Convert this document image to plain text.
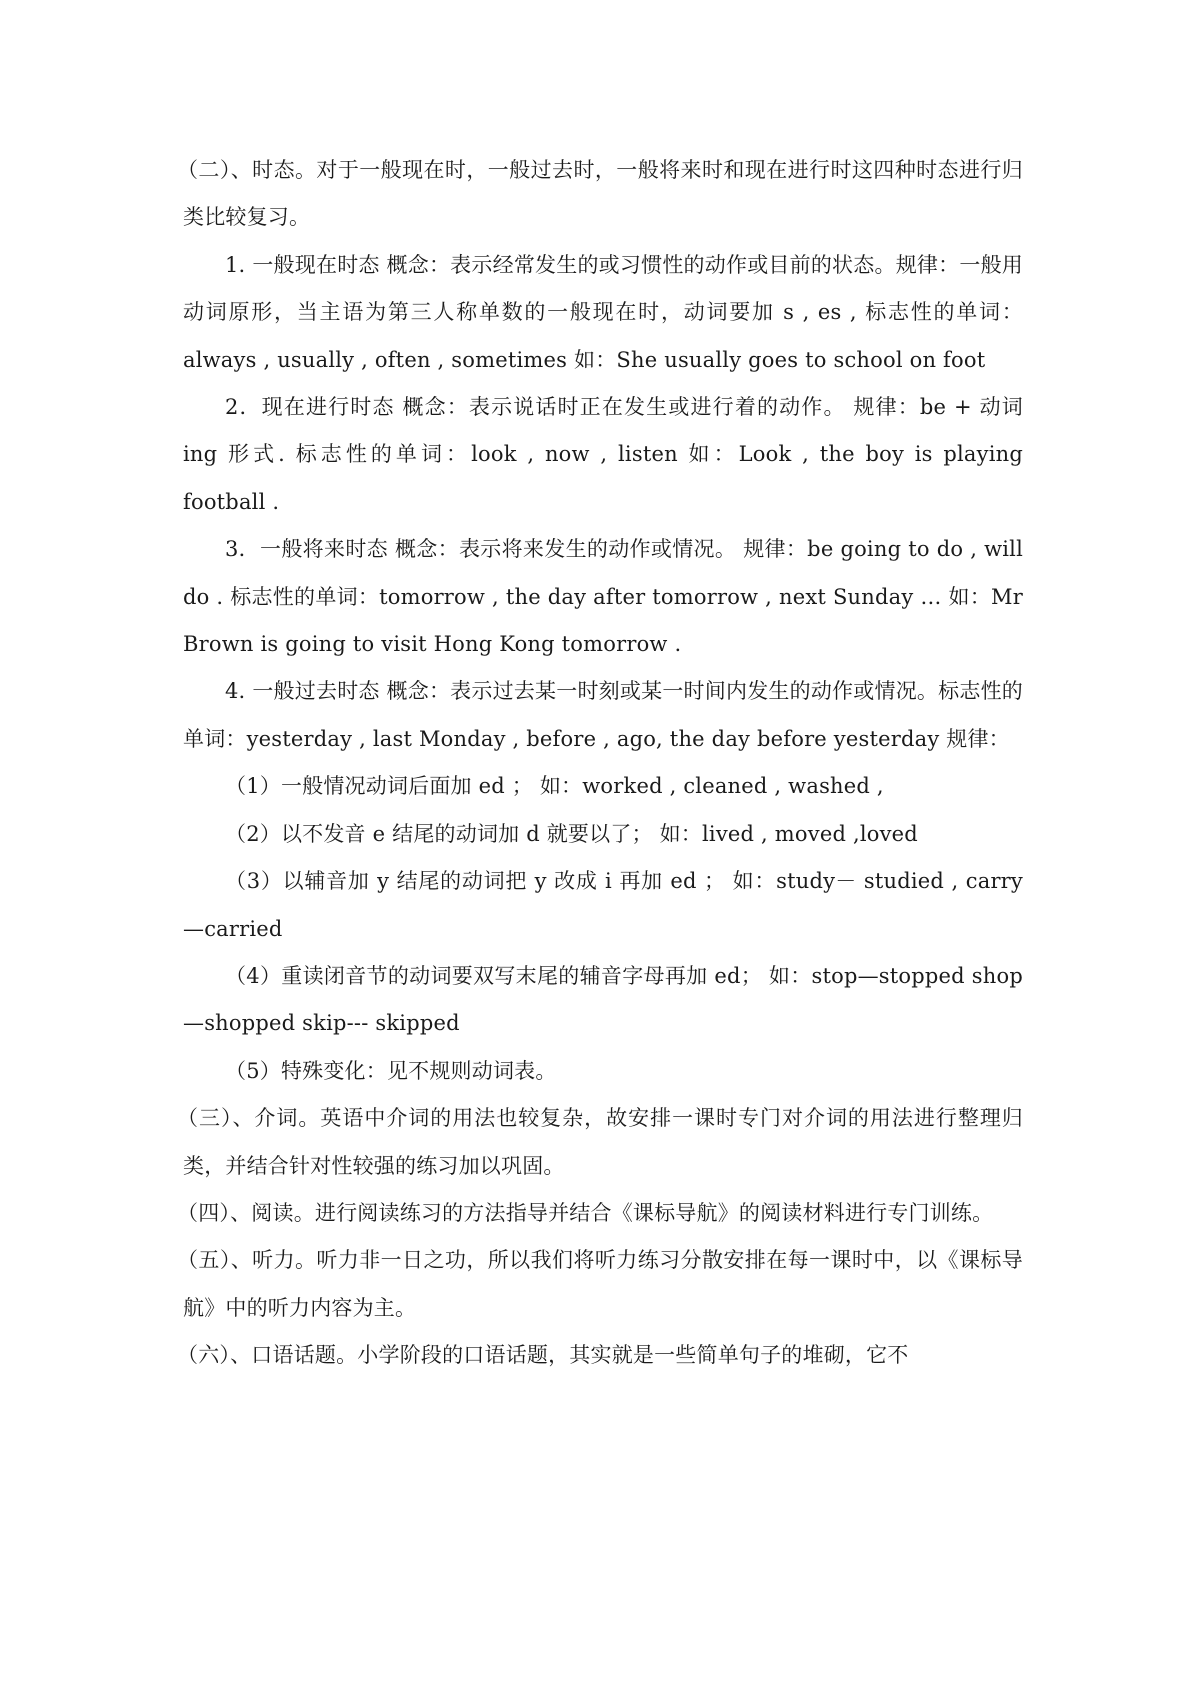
（二）、时态。对于一般现在时，一般过去时，一般将来时和现在进行时这四种时态进行归类比较复习。

1. 一般现在时态 概念：表示经常发生的或习惯性的动作或目前的状态。规律：一般用动词原形，当主语为第三人称单数的一般现在时，动词要加 s , es , 标志性的单词：always , usually , often , sometimes 如：She usually goes to school on foot

2．现在进行时态 概念：表示说话时正在发生或进行着的动作。 规律：be + 动词 ing 形式. 标志性的单词：look , now , listen 如：Look , the boy is playing football .

3．一般将来时态 概念：表示将来发生的动作或情况。 规律：be going to do , will do . 标志性的单词：tomorrow , the day after tomorrow , next Sunday … 如：Mr Brown is going to visit Hong Kong tomorrow .

4. 一般过去时态 概念：表示过去某一时刻或某一时间内发生的动作或情况。标志性的单词：yesterday , last Monday , before , ago, the day before yesterday 规律：

（1）一般情况动词后面加 ed ； 如：worked , cleaned , washed ,

（2）以不发音 e 结尾的动词加 d 就要以了； 如：lived , moved ,loved

（3）以辅音加 y 结尾的动词把 y 改成 i 再加 ed ； 如：study－ studied , carry—carried

（4）重读闭音节的动词要双写末尾的辅音字母再加 ed； 如：stop—stopped shop—shopped skip--- skipped

（5）特殊变化：见不规则动词表。

（三）、介词。英语中介词的用法也较复杂，故安排一课时专门对介词的用法进行整理归类，并结合针对性较强的练习加以巩固。

（四）、阅读。进行阅读练习的方法指导并结合《课标导航》的阅读材料进行专门训练。

（五）、听力。听力非一日之功，所以我们将听力练习分散安排在每一课时中，以《课标导航》中的听力内容为主。

（六）、口语话题。小学阶段的口语话题，其实就是一些简单句子的堆砌，它不
